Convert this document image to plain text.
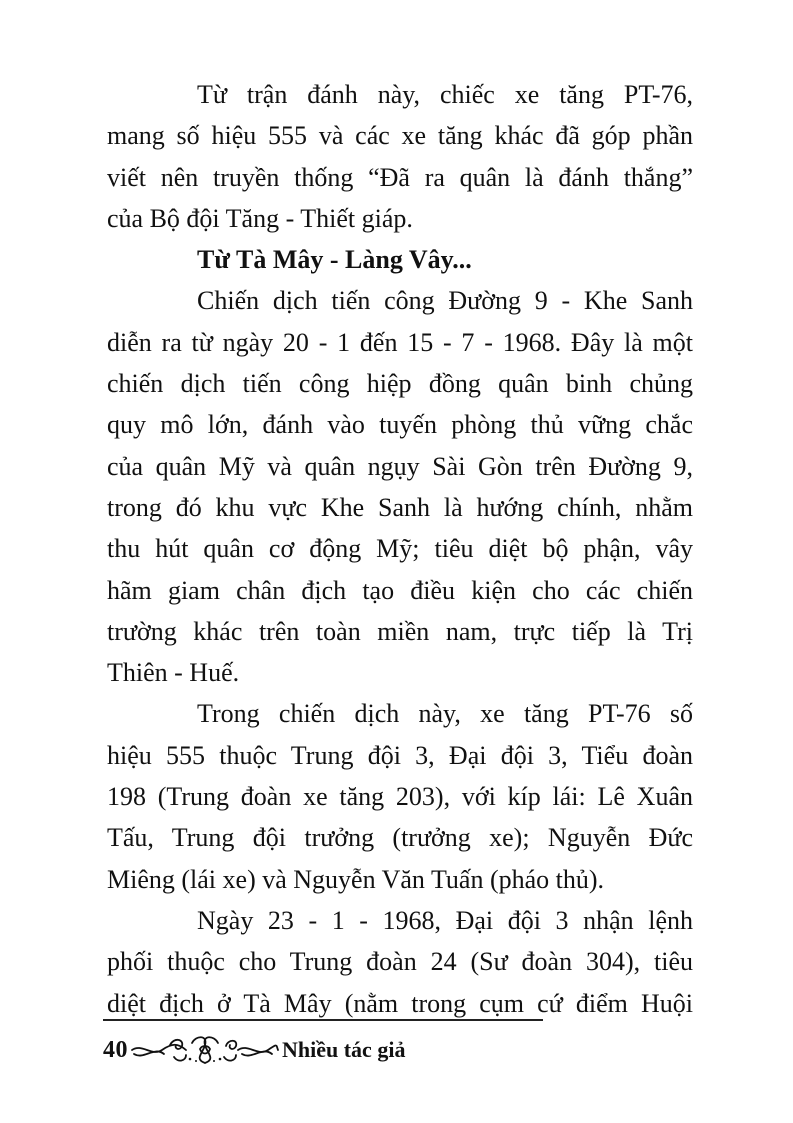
Từ trận đánh này, chiếc xe tăng PT-76,

mang số hiệu 555 và các xe tăng khác đã góp phần

viết nên truyền thống “Đã ra quân là đánh thắng”

của Bộ đội Tăng - Thiết giáp.

Từ Tà Mây - Làng Vây...

Chiến dịch tiến công Đường 9 - Khe Sanh

diễn ra từ ngày 20 - 1 đến 15 - 7 - 1968. Đây là một

chiến dịch tiến công hiệp đồng quân binh chủng

quy mô lớn, đánh vào tuyến phòng thủ vững chắc

của quân Mỹ và quân ngụy Sài Gòn trên Đường 9,

trong đó khu vực Khe Sanh là hướng chính, nhằm

thu hút quân cơ động Mỹ; tiêu diệt bộ phận, vây

hãm giam chân địch tạo điều kiện cho các chiến

trường khác trên toàn miền nam, trực tiếp là Trị

Thiên - Huế.

Trong chiến dịch này, xe tăng PT-76 số

hiệu 555 thuộc Trung đội 3, Đại đội 3, Tiểu đoàn

198 (Trung đoàn xe tăng 203), với kíp lái: Lê Xuân

Tấu, Trung đội trưởng (trưởng xe); Nguyễn Đức

Miêng (lái xe) và Nguyễn Văn Tuấn (pháo thủ).

Ngày 23 - 1 - 1968, Đại đội 3 nhận lệnh

phối thuộc cho Trung đoàn 24 (Sư đoàn 304), tiêu

diệt địch ở Tà Mây (nằm trong cụm cứ điểm Huội

40	Nhiều tác giả
